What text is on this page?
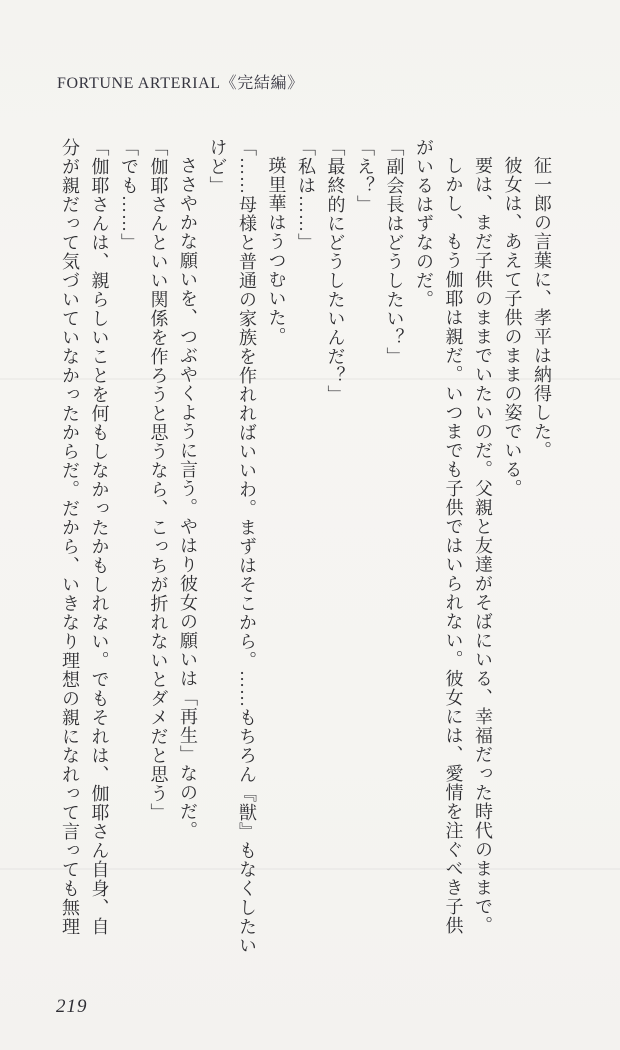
FORTUNE ARTERIAL《完結編》

征一郎の言葉に、孝平は納得した。

彼女は、あえて子供のままの姿でいる。

要は、まだ子供のままでいたいのだ。父親と友達がそばにいる、幸福だった時代のままで。

しかし、もう伽耶は親だ。いつまでも子供ではいられない。彼女には、愛情を注ぐべき子供

がいるはずなのだ。

「副会長はどうしたい？」

「え？」

「最終的にどうしたいんだ？」

「私は……」

瑛里華はうつむいた。

「……母様と普通の家族を作れればいいわ。まずはそこから。……もちろん『獣』もなくしたい

けど」

ささやかな願いを、つぶやくように言う。やはり彼女の願いは「再生」なのだ。

「伽耶さんといい関係を作ろうと思うなら、こっちが折れないとダメだと思う」

「でも……」

「伽耶さんは、親らしいことを何もしなかったかもしれない。でもそれは、伽耶さん自身、自

分が親だって気づいていなかったからだ。だから、いきなり理想の親になれって言っても無理

219
